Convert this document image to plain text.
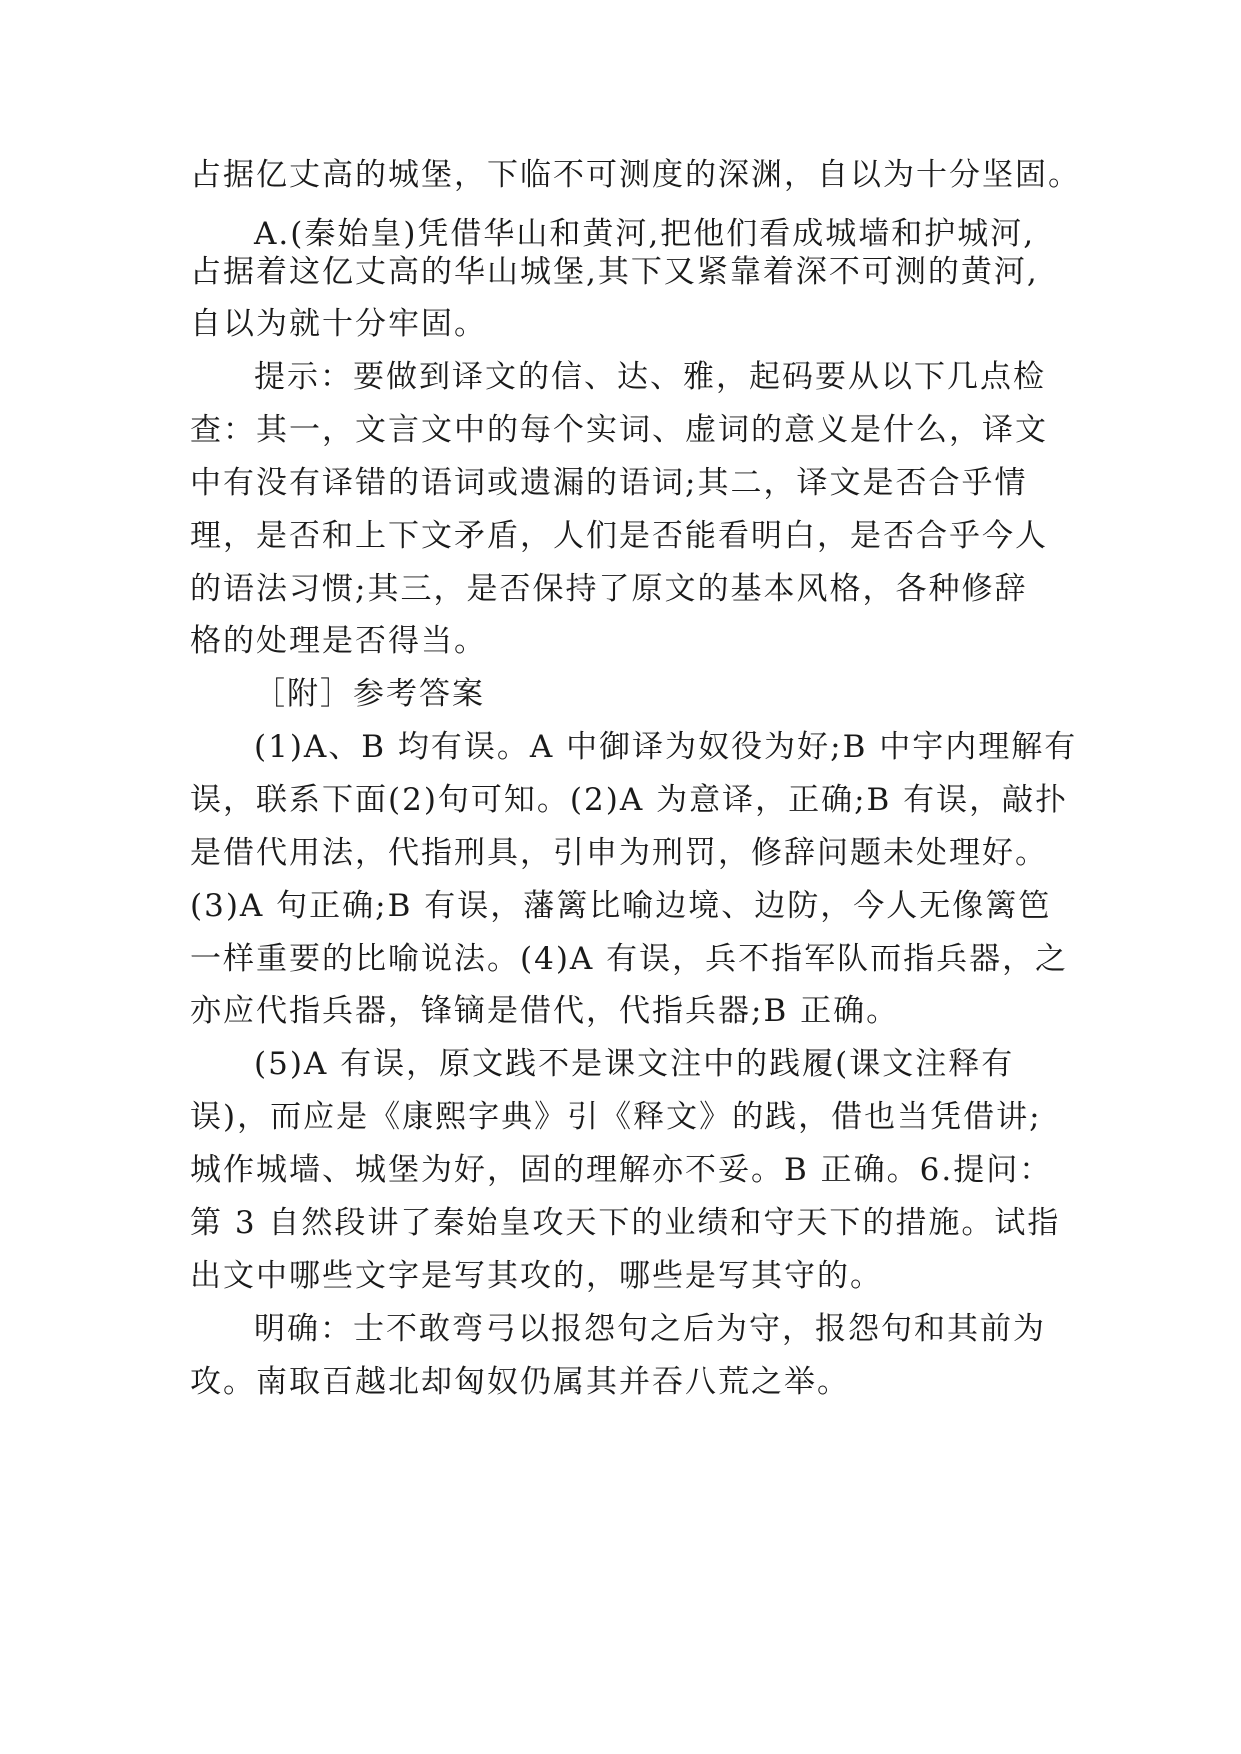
占据亿丈高的城堡，下临不可测度的深渊，自以为十分坚固。
A.(秦始皇)凭借华山和黄河,把他们看成城墙和护城河,
占据着这亿丈高的华山城堡,其下又紧靠着深不可测的黄河,
自以为就十分牢固。
提示：要做到译文的信、达、雅，起码要从以下几点检
查：其一，文言文中的每个实词、虚词的意义是什么，译文
中有没有译错的语词或遗漏的语词;其二，译文是否合乎情
理，是否和上下文矛盾，人们是否能看明白，是否合乎今人
的语法习惯;其三，是否保持了原文的基本风格，各种修辞
格的处理是否得当。
［附］参考答案
(1)A、B 均有误。A 中御译为奴役为好;B 中宇内理解有
误，联系下面(2)句可知。(2)A 为意译，正确;B 有误，敲扑
是借代用法，代指刑具，引申为刑罚，修辞问题未处理好。
(3)A 句正确;B 有误，藩篱比喻边境、边防，今人无像篱笆
一样重要的比喻说法。(4)A 有误，兵不指军队而指兵器，之
亦应代指兵器，锋镝是借代，代指兵器;B 正确。
(5)A 有误，原文践不是课文注中的践履(课文注释有
误)，而应是《康熙字典》引《释文》的践，借也当凭借讲;
城作城墙、城堡为好，固的理解亦不妥。B 正确。6.提问：
第 3 自然段讲了秦始皇攻天下的业绩和守天下的措施。试指
出文中哪些文字是写其攻的，哪些是写其守的。
明确：士不敢弯弓以报怨句之后为守，报怨句和其前为
攻。南取百越北却匈奴仍属其并吞八荒之举。
